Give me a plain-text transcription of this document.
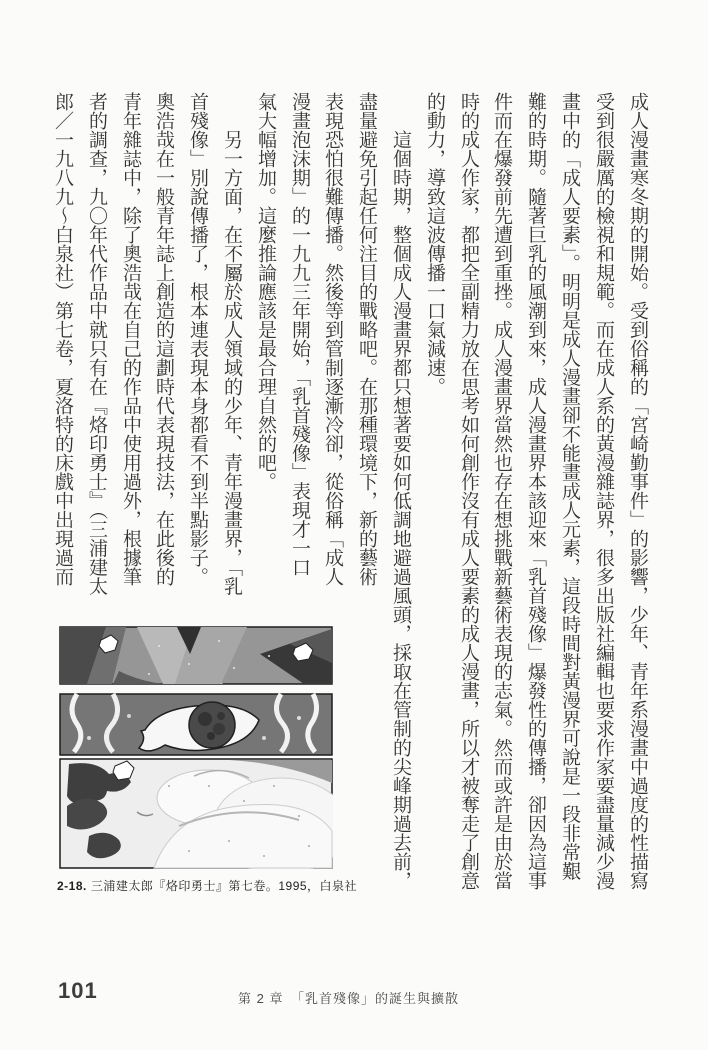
成人漫畫寒冬期的開始。受到俗稱的「宮崎勤事件」的影響，少年、青年系漫畫中過度的性描寫
受到很嚴厲的檢視和規範。而在成人系的黃漫雜誌界，很多出版社編輯也要求作家要盡量減少漫
畫中的「成人要素」。明明是成人漫畫卻不能畫成人元素，這段時間對黃漫界可說是一段非常艱
難的時期。隨著巨乳的風潮到來，成人漫畫界本該迎來「乳首殘像」爆發性的傳播，卻因為這事
件而在爆發前先遭到重挫。成人漫畫界當然也存在想挑戰新藝術表現的志氣。然而或許是由於當
時的成人作家，都把全副精力放在思考如何創作沒有成人要素的成人漫畫，所以才被奪走了創意
的動力，導致這波傳播一口氣減速。
這個時期，整個成人漫畫界都只想著要如何低調地避過風頭，採取在管制的尖峰期過去前，
盡量避免引起任何注目的戰略吧。在那種環境下，新的藝術
表現恐怕很難傳播。然後等到管制逐漸冷卻，從俗稱「成人
漫畫泡沫期」的一九九三年開始，「乳首殘像」表現才一口
氣大幅增加。這麼推論應該是最合理自然的吧。
另一方面，在不屬於成人領域的少年、青年漫畫界，「乳
首殘像」別說傳播了，根本連表現本身都看不到半點影子。
奧浩哉在一般青年誌上創造的這劃時代表現技法，在此後的
青年雜誌中，除了奧浩哉在自己的作品中使用過外，根據筆
者的調查，九〇年代作品中就只有在『烙印勇士』（三浦建太
郎／一九八九～白泉社）第七卷，夏洛特的床戲中出現過而
2-18. 三浦建太郎『烙印勇士』第七卷。1995，白泉社
101	第 2 章　「乳首殘像」的誕生與擴散
